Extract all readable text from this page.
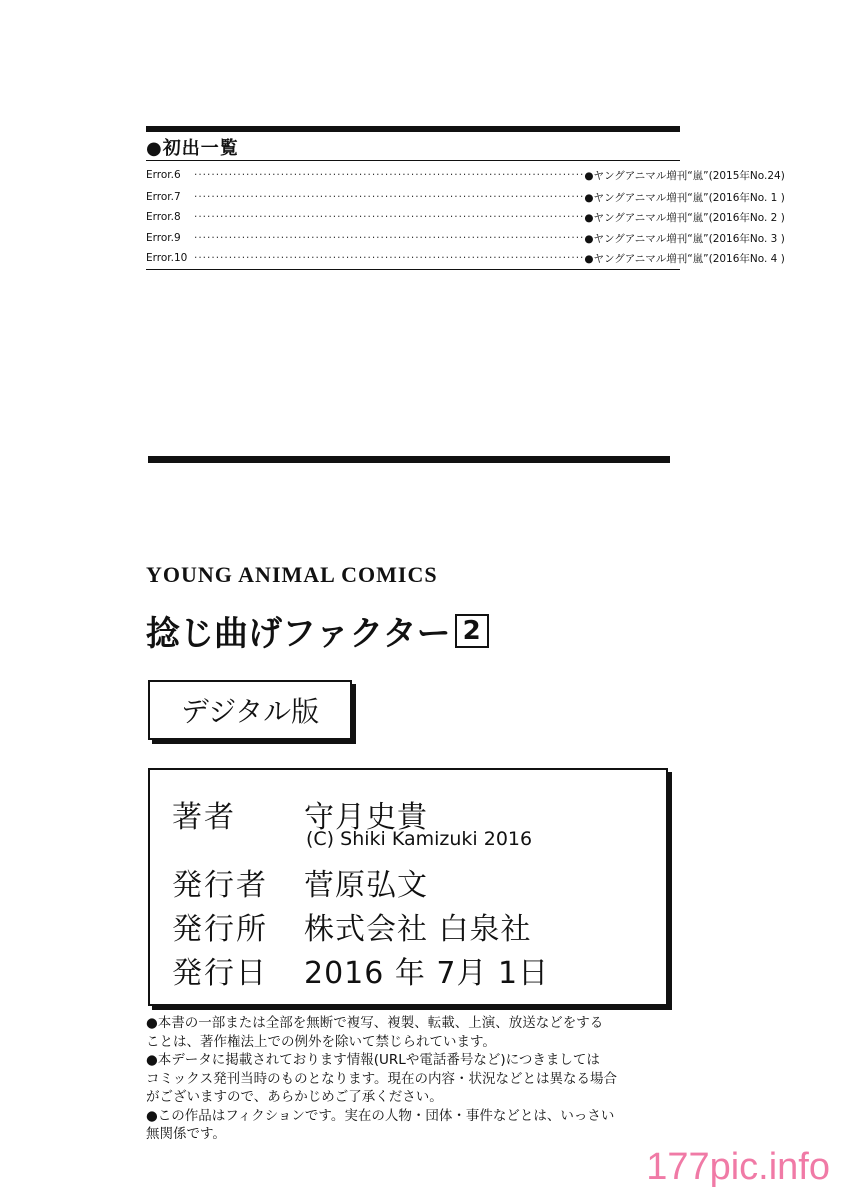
●初出一覧
Error.6	·························································································· ●ヤングアニマル増刊“嵐”(2015年No.24)
Error.7	·························································································· ●ヤングアニマル増刊“嵐”(2016年No. 1 )
Error.8	·························································································· ●ヤングアニマル増刊“嵐”(2016年No. 2 )
Error.9	·························································································· ●ヤングアニマル増刊“嵐”(2016年No. 3 )
Error.10 ·························································································· ●ヤングアニマル増刊“嵐”(2016年No. 4 )
YOUNG ANIMAL COMICS
捻じ曲げファクター 2
デジタル版
著者	守月史貴
(C) Shiki Kamizuki 2016
発行者	菅原弘文
発行所	株式会社 白泉社
発行日	2016 年 7月 1日

●本書の一部または全部を無断で複写、複製、転載、上演、放送などをする

ことは、著作権法上での例外を除いて禁じられています。

●本データに掲載されております情報(URLや電話番号など)につきましては

コミックス発刊当時のものとなります。現在の内容・状況などとは異なる場合

がございますので、あらかじめご了承ください。

●この作品はフィクションです。実在の人物・団体・事件などとは、いっさい

無関係です。

177pic.info
